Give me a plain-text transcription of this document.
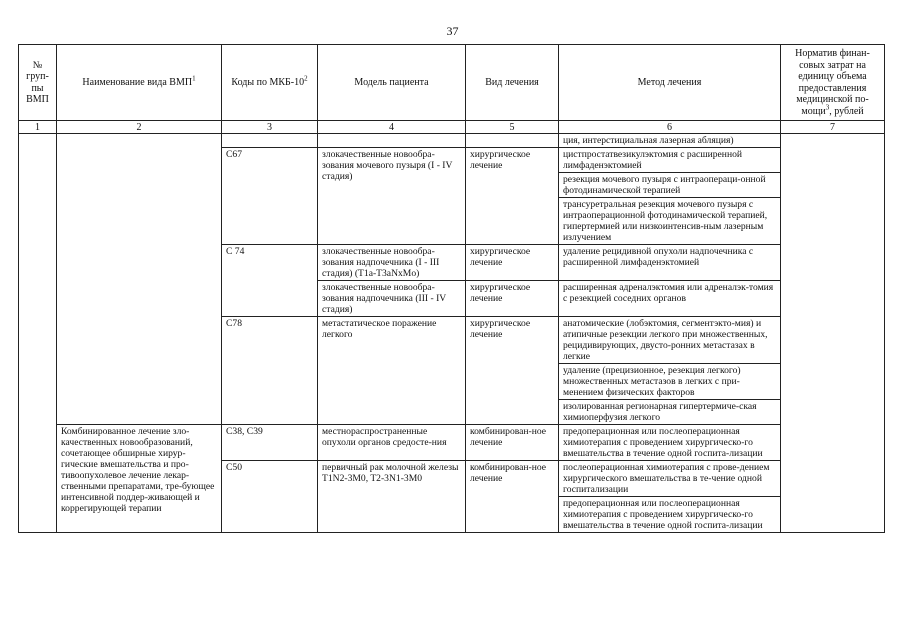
37
№ груп-пы ВМП	Наименование вида ВМП$^1$	Коды по МКБ-$10^2$	Модель пациента	Вид лечения	Метод лечения	Норматив финан-совых затрат на единицу объема предоставления медицинской по-мощи$^3$, рублей
1	2	3	4	5	6	7
					ция, интерстициальная лазерная абляция)	
		C67	злокачественные новообра-зования мочевого пузыря (I - IV стадия)	хирургическое лечение	цистпростатвезикулэктомия с расширенной лимфаденэктомией	
					резекция мочевого пузыря с интраопераци-онной фотодинамической терапией	
					трансуретральная резекция мочевого пузыря с интраоперационной фотодинамической терапией, гипертермией или низкоинтенсив-ным лазерным излучением	
		C 74	злокачественные новообра-зования надпочечника (I - III стадия) (T1a-T3aNxMo)	хирургическое лечение	удаление рецидивной опухоли надпочечника с расширенной лимфаденэктомией	
			злокачественные новообра-зования надпочечника (III - IV стадия)	хирургическое лечение	расширенная адреналэктомия или адреналэк-томия с резекцией соседних органов	
		C78	метастатическое поражение легкого	хирургическое лечение	анатомические (лобэктомия, сегментэкто-мия) и атипичные резекции легкого при множественных, рецидивирующих, двусто-ронних метастазах в легкие	
					удаление (прецизионное, резекция легкого) множественных метастазов в легких с при-менением физических факторов	
					изолированная регионарная гипертермиче-ская химиоперфузия легкого	
	Комбинированное лечение зло-качественных новообразований, сочетающее обширные хирур-гические вмешательства и про-тивоопухолевое лечение лекар-ственными препаратами, тре-бующее интенсивной поддер-живающей и коррегирующей терапии	C38, C39	местнораспространенные опухоли органов средосте-ния	комбинирован-ное лечение	предоперационная или послеоперационная химиотерапия с проведением хирургическо-го вмешательства в течение одной госпита-лизации	
		C50	первичный рак молочной железы T1N2-3M0, T2-3N1-3M0	комбинирован-ное лечение	послеоперационная химиотерапия с прове-дением хирургического вмешательства в те-чение одной госпитализации	
					предоперационная или послеоперационная химиотерапия с проведением хирургическо-го вмешательства в течение одной госпита-лизации	
